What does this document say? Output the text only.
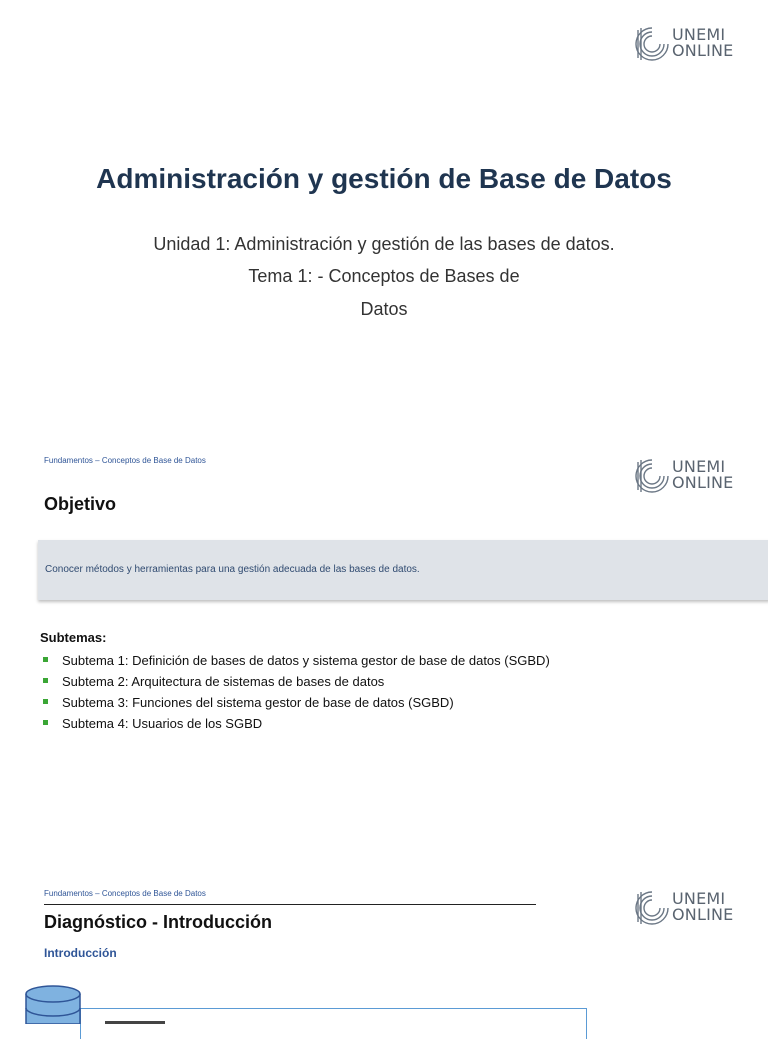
UNEMI
ONLINE
Administración y gestión de Base de Datos
Unidad 1: Administración y gestión de las bases de datos.
Tema 1: - Conceptos de Bases de
Datos
Fundamentos – Conceptos de Base de Datos	UNEMI
ONLINE
Objetivo
Conocer métodos y herramientas para una gestión adecuada de las bases de datos.
Subtemas:
Subtema 1: Definición de bases de datos y sistema gestor de base de datos (SGBD)
Subtema 2: Arquitectura de sistemas de bases de datos
Subtema 3: Funciones del sistema gestor de base de datos (SGBD)
Subtema 4: Usuarios de los SGBD
Fundamentos – Conceptos de Base de Datos	UNEMI
ONLINE
Diagnóstico - Introducción
Introducción
